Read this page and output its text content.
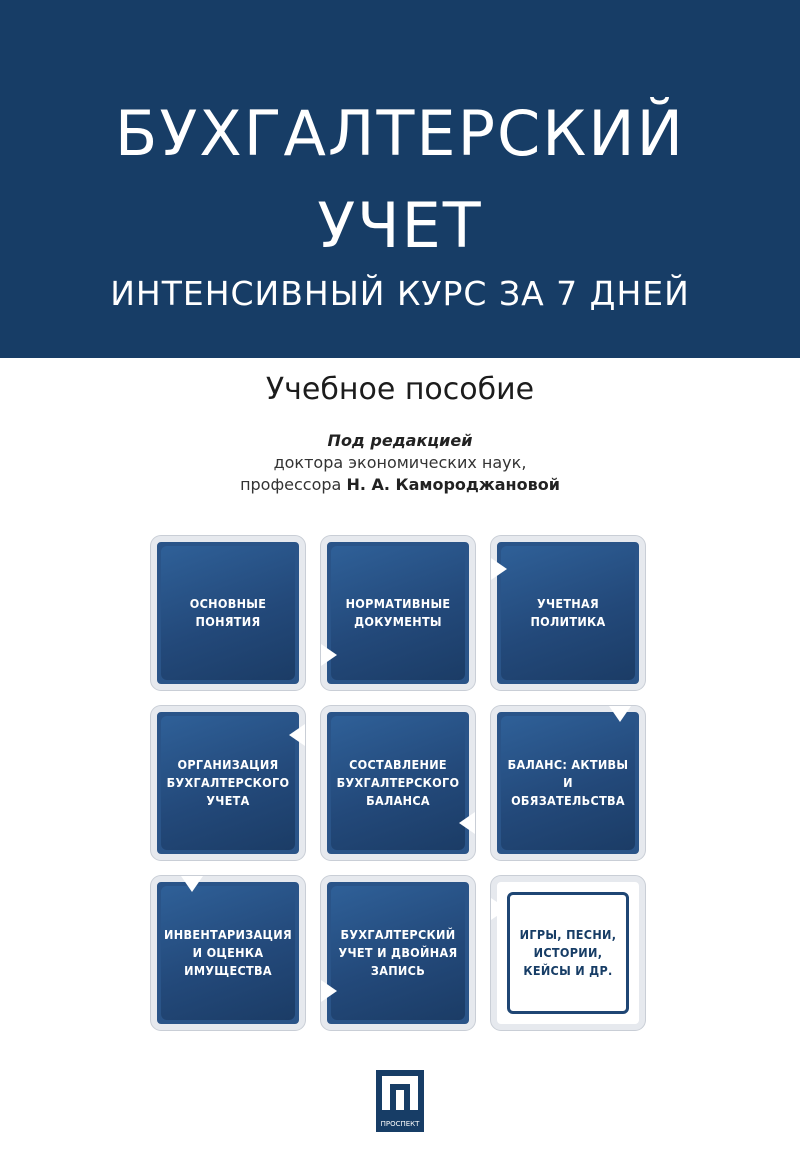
БУХГАЛТЕРСКИЙ
УЧЕТ
ИНТЕНСИВНЫЙ КУРС ЗА 7 ДНЕЙ
Учебное пособие
Под редакцией
доктора экономических наук,
профессора Н. А. Камороджановой
ОСНОВНЫЕ
ПОНЯТИЯ
НОРМАТИВНЫЕ
ДОКУМЕНТЫ
УЧЕТНАЯ
ПОЛИТИКА
ОРГАНИЗАЦИЯ
БУХГАЛТЕРСКОГО
УЧЕТА
СОСТАВЛЕНИЕ
БУХГАЛТЕРСКОГО
БАЛАНСА
БАЛАНС: АКТИВЫ
И ОБЯЗАТЕЛЬСТВА
ИНВЕНТАРИЗАЦИЯ
И ОЦЕНКА
ИМУЩЕСТВА
БУХГАЛТЕРСКИЙ
УЧЕТ И ДВОЙНАЯ
ЗАПИСЬ
ИГРЫ, ПЕСНИ,
ИСТОРИИ,
КЕЙСЫ И ДР.
ПРОСПЕКТ
